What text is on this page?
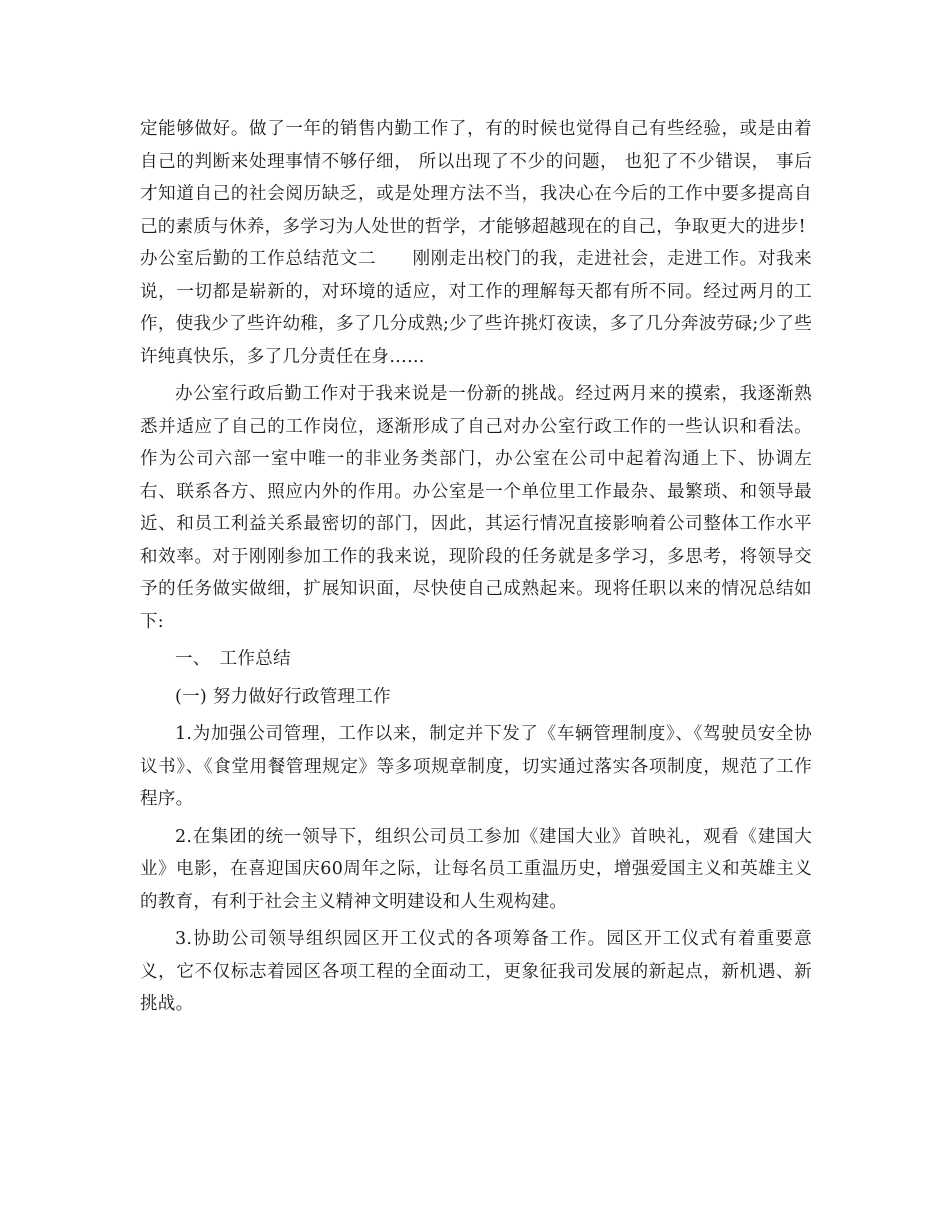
定能够做好。做了一年的销售内勤工作了，有的时候也觉得自己有些经验，或是由着自己的判断来处理事情不够仔细， 所以出现了不少的问题， 也犯了不少错误， 事后才知道自己的社会阅历缺乏，或是处理方法不当，我决心在今后的工作中要多提高自己的素质与休养，多学习为人处世的哲学，才能够超越现在的自己，争取更大的进步!

办公室后勤的工作总结范文二　　刚刚走出校门的我，走进社会，走进工作。对我来说，一切都是崭新的，对环境的适应，对工作的理解每天都有所不同。经过两月的工作，使我少了些许幼稚，多了几分成熟;少了些许挑灯夜读，多了几分奔波劳碌;少了些许纯真快乐，多了几分责任在身……

办公室行政后勤工作对于我来说是一份新的挑战。经过两月来的摸索，我逐渐熟悉并适应了自己的工作岗位，逐渐形成了自己对办公室行政工作的一些认识和看法。作为公司六部一室中唯一的非业务类部门，办公室在公司中起着沟通上下、协调左右、联系各方、照应内外的作用。办公室是一个单位里工作最杂、最繁琐、和领导最近、和员工利益关系最密切的部门，因此，其运行情况直接影响着公司整体工作水平和效率。对于刚刚参加工作的我来说，现阶段的任务就是多学习，多思考，将领导交予的任务做实做细，扩展知识面，尽快使自己成熟起来。现将任职以来的情况总结如下:

一、　工作总结

(一) 努力做好行政管理工作

1.为加强公司管理，工作以来，制定并下发了《车辆管理制度》、《驾驶员安全协议书》、《食堂用餐管理规定》等多项规章制度，切实通过落实各项制度，规范了工作程序。

2.在集团的统一领导下，组织公司员工参加《建国大业》首映礼，观看《建国大业》电影，在喜迎国庆60周年之际，让每名员工重温历史，增强爱国主义和英雄主义的教育，有利于社会主义精神文明建设和人生观构建。

3.协助公司领导组织园区开工仪式的各项筹备工作。园区开工仪式有着重要意义，它不仅标志着园区各项工程的全面动工，更象征我司发展的新起点，新机遇、新挑战。
